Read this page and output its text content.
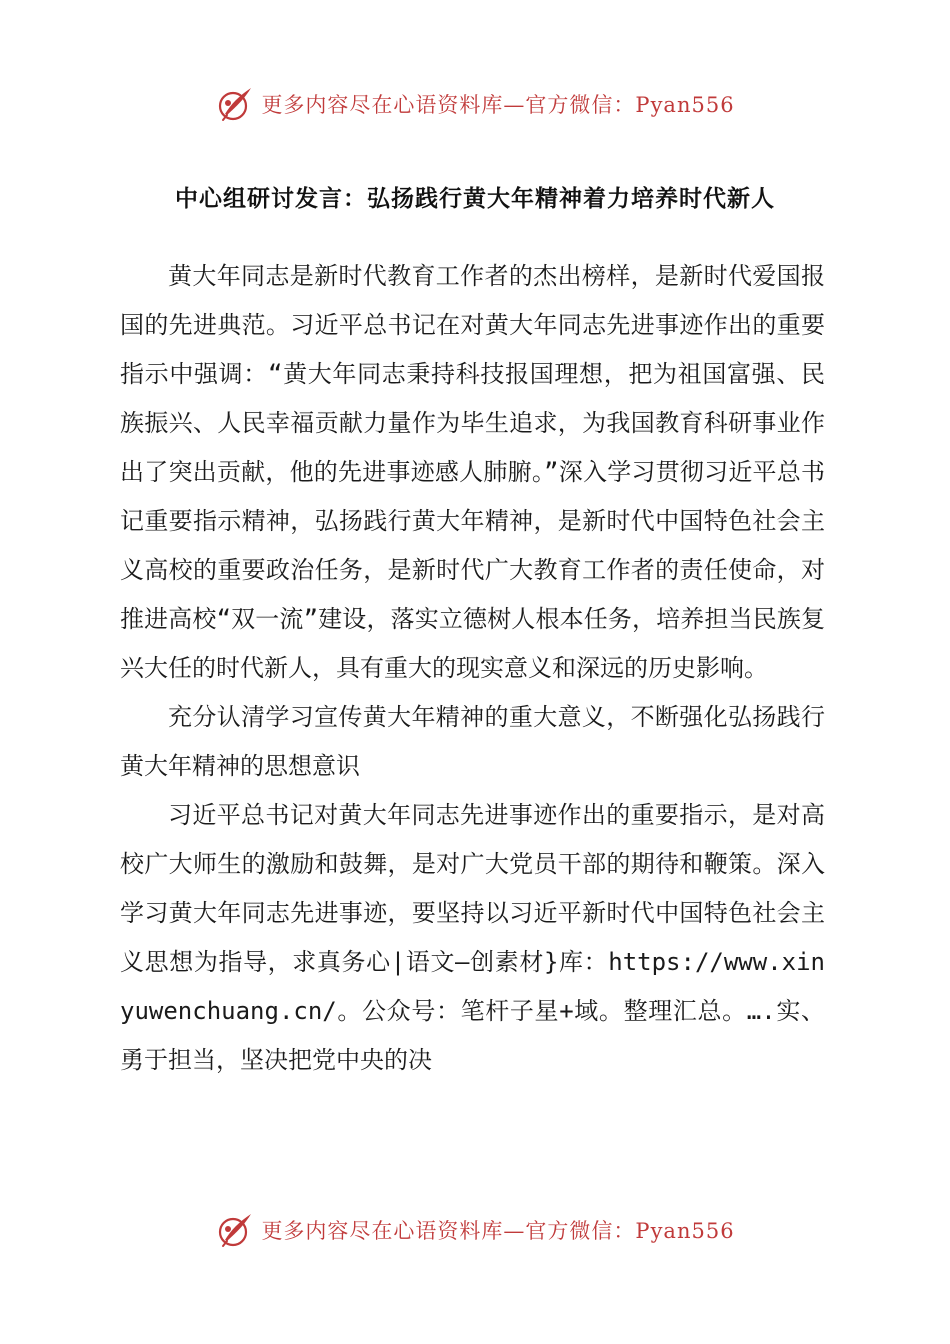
更多内容尽在心语资料库—官方微信：Pyan556
中心组研讨发言：弘扬践行黄大年精神着力培养时代新人

黄大年同志是新时代教育工作者的杰出榜样，是新时代爱国报国的先进典范。习近平总书记在对黄大年同志先进事迹作出的重要指示中强调：“黄大年同志秉持科技报国理想，把为祖国富强、民族振兴、人民幸福贡献力量作为毕生追求，为我国教育科研事业作出了突出贡献，他的先进事迹感人肺腑。”深入学习贯彻习近平总书记重要指示精神，弘扬践行黄大年精神，是新时代中国特色社会主义高校的重要政治任务，是新时代广大教育工作者的责任使命，对推进高校“双一流”建设，落实立德树人根本任务，培养担当民族复兴大任的时代新人，具有重大的现实意义和深远的历史影响。

充分认清学习宣传黄大年精神的重大意义，不断强化弘扬践行黄大年精神的思想意识

习近平总书记对黄大年同志先进事迹作出的重要指示，是对高校广大师生的激励和鼓舞，是对广大党员干部的期待和鞭策。深入学习黄大年同志先进事迹，要坚持以习近平新时代中国特色社会主义思想为指导，求真务心|语文—创素材}库：https://www.xinyuwenchuang.cn/。公众号：笔杆子星+域。整理汇总。….实、勇于担当，坚决把党中央的决

更多内容尽在心语资料库—官方微信：Pyan556
